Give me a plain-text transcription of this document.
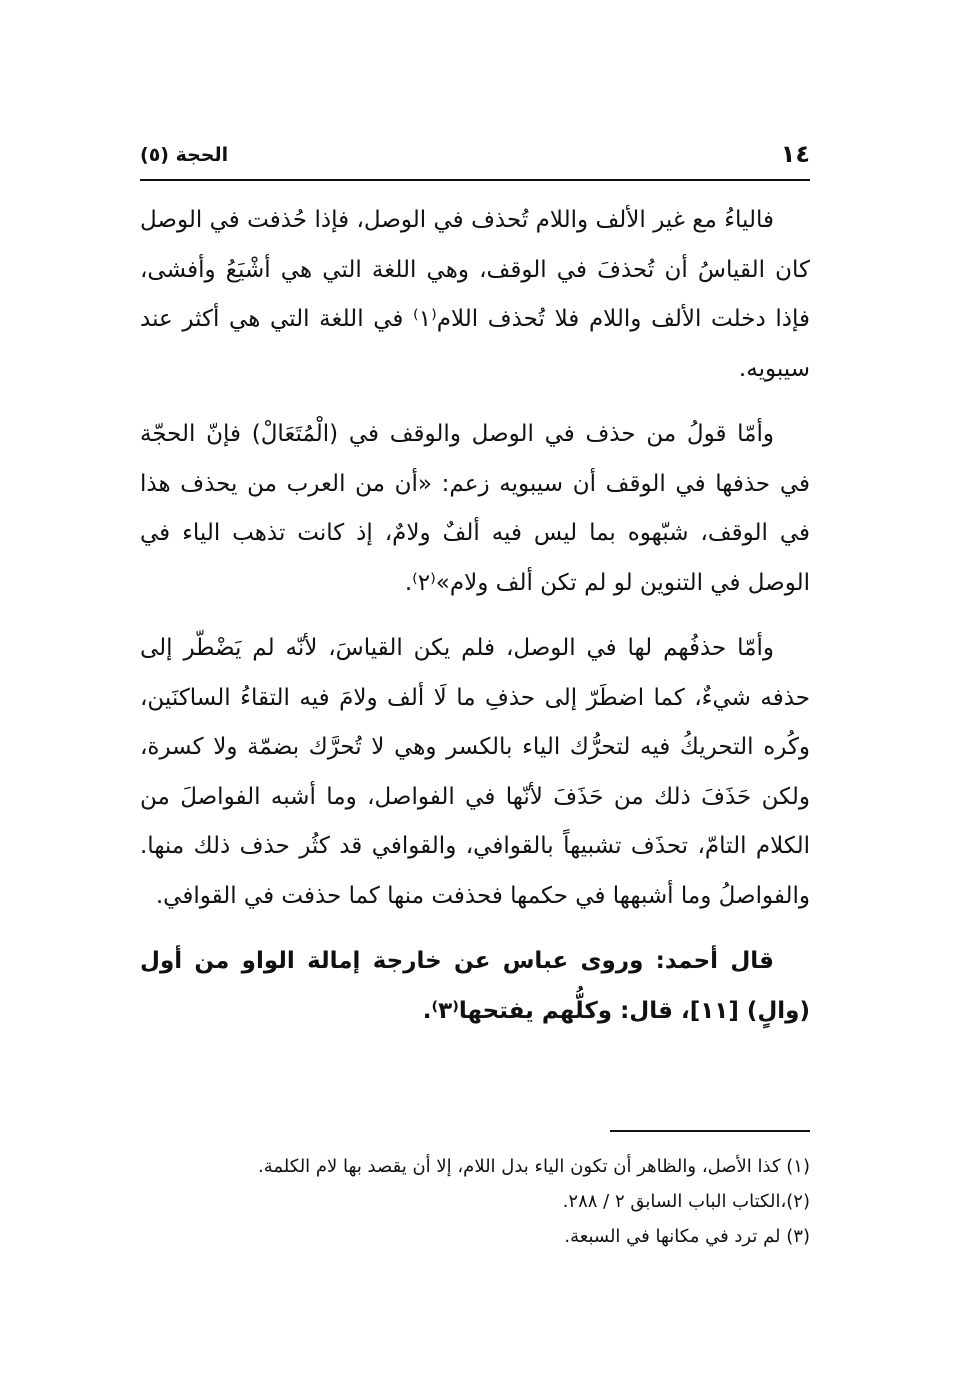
١٤
الحجة (٥)

فالياءُ مع غير الألف واللام تُحذف في الوصل، فإذا حُذفت في الوصل كان القياسُ أن تُحذفَ في الوقف، وهي اللغة التي هي أشْيَعُ وأفشى، فإذا دخلت الألف واللام فلا تُحذف اللام⁽١⁾ في اللغة التي هي أكثر عند سيبويه.

وأمّا قولُ من حذف في الوصل والوقف في (الْمُتَعَالْ) فإنّ الحجّة في حذفها في الوقف أن سيبويه زعم: «أن من العرب من يحذف هذا في الوقف، شبّهوه بما ليس فيه ألفٌ ولامٌ، إذ كانت تذهب الياء في الوصل في التنوين لو لم تكن ألف ولام»⁽٢⁾.

وأمّا حذفُهم لها في الوصل، فلم يكن القياسَ، لأنّه لم يَضْطّر إلى حذفه شيءٌ، كما اضطَرّ إلى حذفِ ما لَا ألف ولامَ فيه التقاءُ الساكنَين، وكُره التحريكُ فيه لتحرُّك الياء بالكسر وهي لا تُحرَّك بضمّة ولا كسرة، ولكن حَذَفَ ذلك من حَذَفَ لأنّها في الفواصل، وما أشبه الفواصلَ من الكلام التامّ، تحذَف تشبيهاً بالقوافي، والقوافي قد كثُر حذف ذلك منها. والفواصلُ وما أشبهها في حكمها فحذفت منها كما حذفت في القوافي.

قال أحمد: وروى عباس عن خارجة إمالة الواو من أول (والٍ) [١١]، قال: وكلُّهم يفتحها⁽٣⁾.

(١) كذا الأصل، والظاهر أن تكون الياء بدل اللام، إلا أن يقصد بها لام الكلمة.

(٢)،الكتاب الباب السابق ٢ / ٢٨٨.

(٣) لم ترد في مكانها في السبعة.
